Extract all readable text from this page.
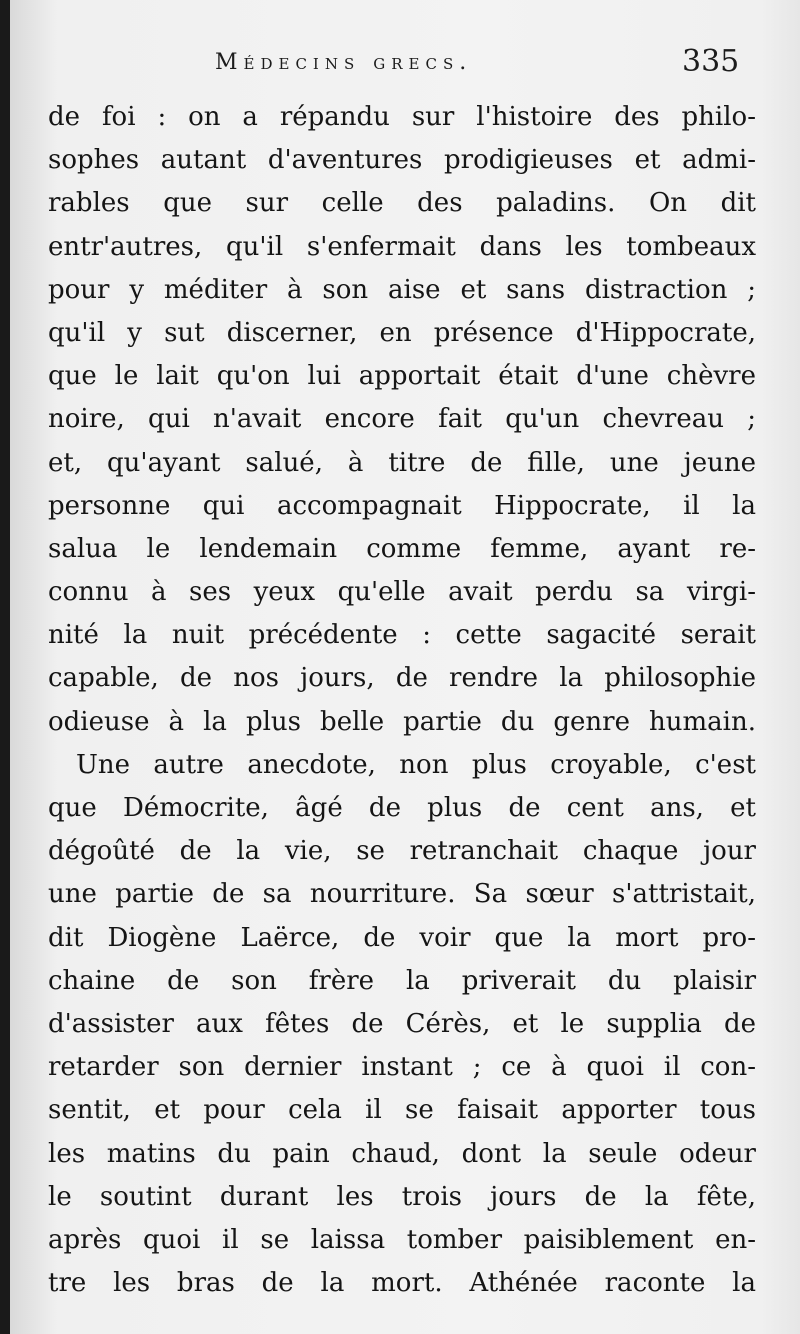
Médecins grecs.	335
de foi : on a répandu sur l'histoire des philo-
sophes autant d'aventures prodigieuses et admi-
rables que sur celle des paladins. On dit
entr'autres, qu'il s'enfermait dans les tombeaux
pour y méditer à son aise et sans distraction ;
qu'il y sut discerner, en présence d'Hippocrate,
que le lait qu'on lui apportait était d'une chèvre
noire, qui n'avait encore fait qu'un chevreau ;
et, qu'ayant salué, à titre de fille, une jeune
personne qui accompagnait Hippocrate, il la
salua le lendemain comme femme, ayant re-
connu à ses yeux qu'elle avait perdu sa virgi-
nité la nuit précédente : cette sagacité serait
capable, de nos jours, de rendre la philosophie
odieuse à la plus belle partie du genre humain.
Une autre anecdote, non plus croyable, c'est
que Démocrite, âgé de plus de cent ans, et
dégoûté de la vie, se retranchait chaque jour
une partie de sa nourriture. Sa sœur s'attristait,
dit Diogène Laërce, de voir que la mort pro-
chaine de son frère la priverait du plaisir
d'assister aux fêtes de Cérès, et le supplia de
retarder son dernier instant ; ce à quoi il con-
sentit, et pour cela il se faisait apporter tous
les matins du pain chaud, dont la seule odeur
le soutint durant les trois jours de la fête,
après quoi il se laissa tomber paisiblement en-
tre les bras de la mort. Athénée raconte la
